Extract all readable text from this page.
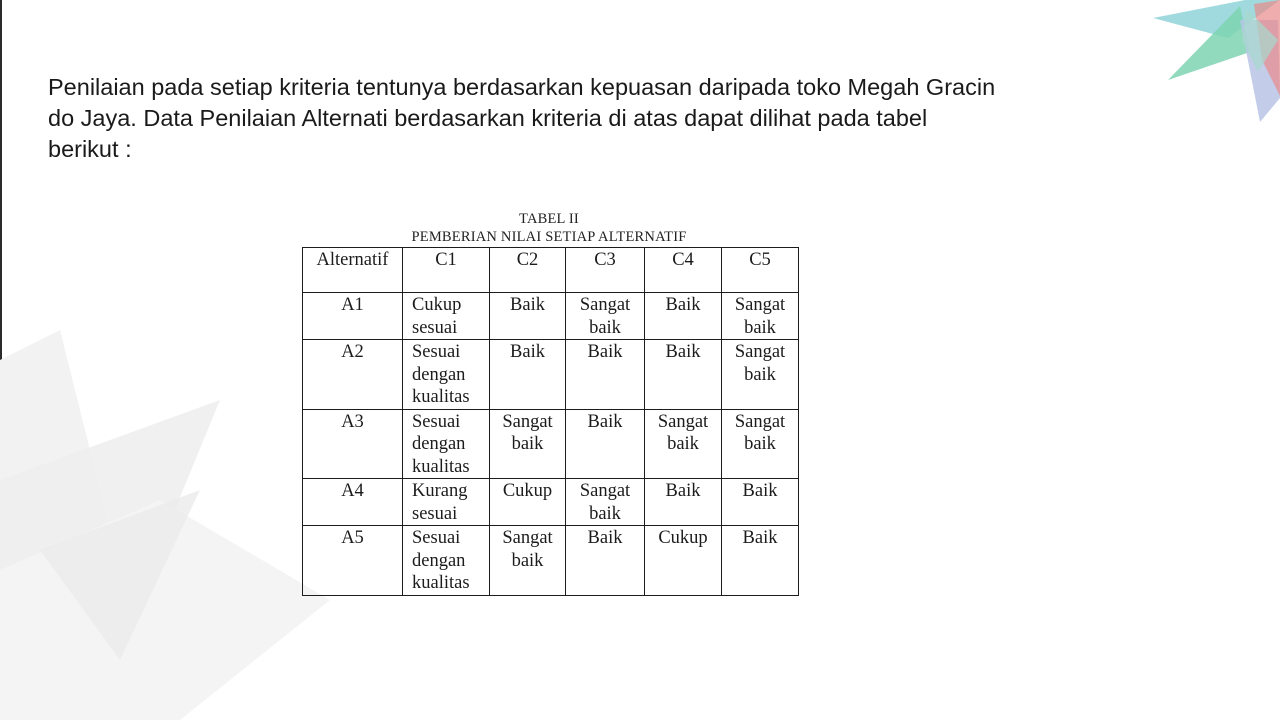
Penilaian pada setiap kriteria tentunya berdasarkan kepuasan daripada toko Megah Gracin
do Jaya. Data Penilaian Alternati berdasarkan kriteria di atas dapat dilihat pada tabel
berikut :

TABEL II
PEMBERIAN NILAI SETIAP ALTERNATIF
Alternatif	C1	C2	C3	C4	C5
A1	Cukup
sesuai	Baik	Sangat
baik	Baik	Sangat
baik

A2	Sesuai
dengan
kualitas	Baik	Baik	Baik	Sangat
baik

A3	Sesuai
dengan
kualitas	Sangat
baik	Baik	Sangat
baik	Sangat
baik

A4	Kurang
sesuai	Cukup	Sangat
baik	Baik	Baik

A5	Sesuai
dengan
kualitas	Sangat
baik	Baik	Cukup	Baik
